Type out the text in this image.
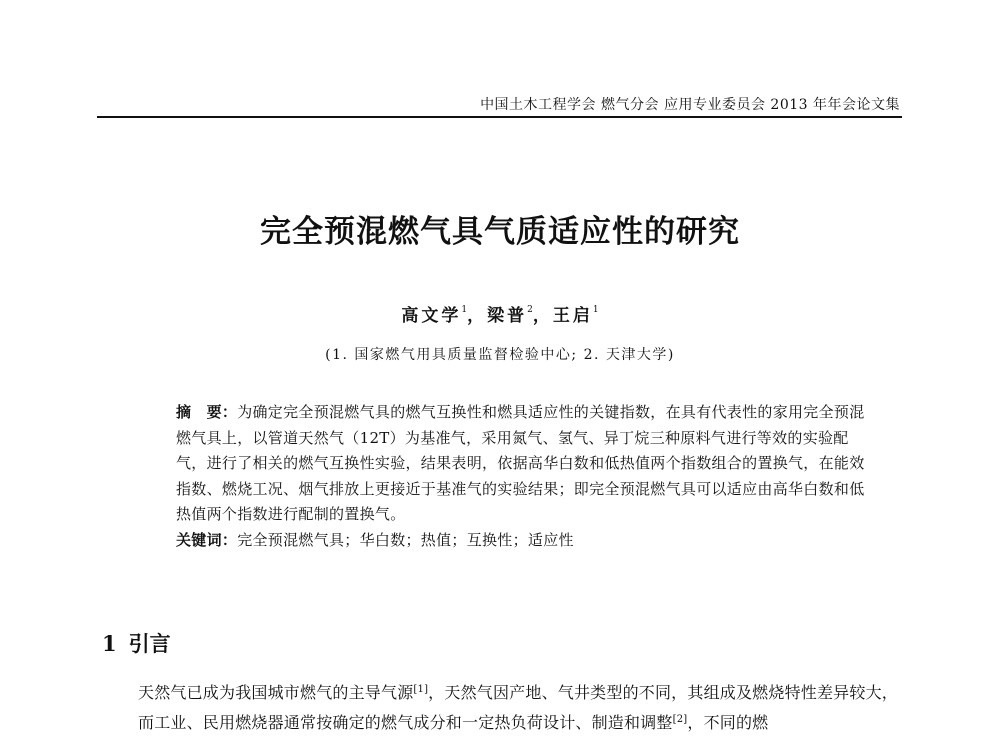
中国土木工程学会 燃气分会 应用专业委员会 2013 年年会论文集
完全预混燃气具气质适应性的研究
高文学$^1$，梁普$^2$，王启$^1$
(1. 国家燃气用具质量监督检验中心; 2. 天津大学)

摘　要：为确定完全预混燃气具的燃气互换性和燃具适应性的关键指数，在具有代表性的家用完全预混燃气具上，以管道天然气（12T）为基准气，采用氮气、氢气、异丁烷三种原料气进行等效的实验配气，进行了相关的燃气互换性实验，结果表明，依据高华白数和低热值两个指数组合的置换气，在能效指数、燃烧工况、烟气排放上更接近于基准气的实验结果；即完全预混燃气具可以适应由高华白数和低热值两个指数进行配制的置换气。

关键词：完全预混燃气具；华白数；热值；互换性；适应性

1 引言

天然气已成为我国城市燃气的主导气源[1]，天然气因产地、气井类型的不同，其组成及燃烧特性差异较大，而工业、民用燃烧器通常按确定的燃气成分和一定热负荷设计、制造和调整[2]，不同的燃
